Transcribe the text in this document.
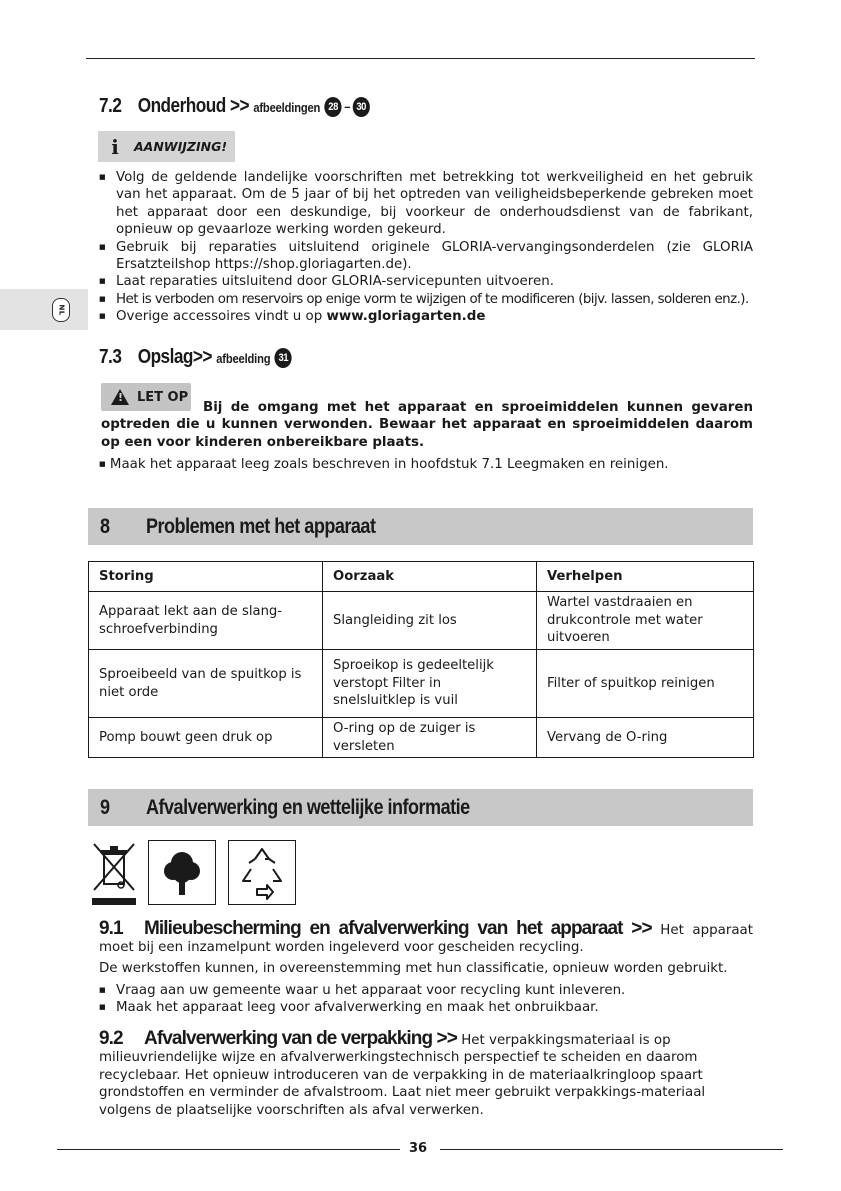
NL
7.2 Onderhoud >> afbeeldingen 28 – 30
i	AANWIJZING!
■ Volg de geldende landelijke voorschriften met betrekking tot werkveiligheid en het gebruik van het apparaat. Om de 5 jaar of bij het optreden van veiligheidsbeperkende gebreken moet het apparaat door een deskundige, bij voorkeur de onderhoudsdienst van de fabrikant, opnieuw op gevaarloze werking worden gekeurd.
■ Gebruik bij reparaties uitsluitend originele GLORIA-vervangingsonderdelen (zie GLORIA Ersatzteilshop https://shop.gloriagarten.de).
■ Laat reparaties uitsluitend door GLORIA-servicepunten uitvoeren.
■ Het is verboden om reservoirs op enige vorm te wijzigen of te modificeren (bijv. lassen, solderen enz.).
■ Overige accessoires vindt u op www.gloriagarten.de
7.3 Opslag>> afbeelding 31
Bij de omgang met het apparaat en sproeimiddelen kunnen gevaren optreden die u kunnen verwonden. Bewaar het apparaat en sproeimiddelen daarom op een voor kinderen onbereikbare plaats.
!
LET OP
■ Maak het apparaat leeg zoals beschreven in hoofdstuk 7.1 Leegmaken en reinigen.
8	Problemen met het apparaat
Storing	Oorzaak	Verhelpen
Apparaat lekt aan de slang-schroefverbinding	Slangleiding zit los	Wartel vastdraaien en drukcontrole met water uitvoeren
Sproeibeeld van de spuitkop is niet orde	Sproeikop is gedeeltelijk verstopt Filter in snelsluitklep is vuil	Filter of spuitkop reinigen
Pomp bouwt geen druk op	O-ring op de zuiger is versleten	Vervang de O-ring
9	Afvalverwerking en wettelijke informatie
9.1 Milieubescherming en afvalverwerking van het apparaat >> Het apparaat moet bij een inzamelpunt worden ingeleverd voor gescheiden recycling.
De werkstoffen kunnen, in overeenstemming met hun classificatie, opnieuw worden gebruikt.
■ Vraag aan uw gemeente waar u het apparaat voor recycling kunt inleveren.
■ Maak het apparaat leeg voor afvalverwerking en maak het onbruikbaar.
9.2 Afvalverwerking van de verpakking >> Het verpakkingsmateriaal is op milieuvriendelijke wijze en afvalverwerkingstechnisch perspectief te scheiden en daarom recyclebaar. Het opnieuw introduceren van de verpakking in de materiaalkringloop spaart grondstoffen en verminder de afvalstroom. Laat niet meer gebruikt verpakkings-materiaal volgens de plaatselijke voorschriften als afval verwerken.
36
